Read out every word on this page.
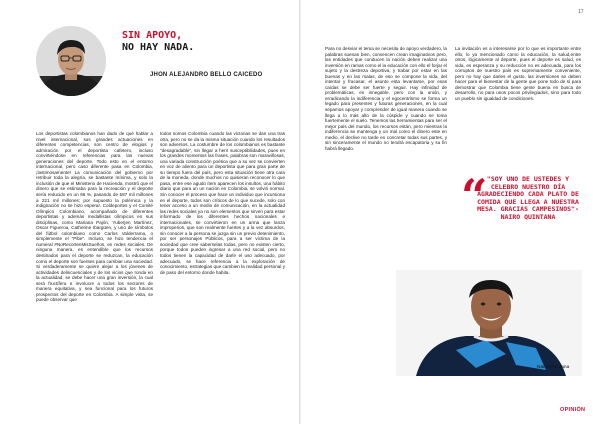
SIN APOYO,
NO HAY NADA.
JHON ALEJANDRO BELLO CAICEDO

Los deportistas colombianos han dado de qué hablar a nivel internacional, sus grandes actuaciones en diferentes competencias, son centro de elogios y admiración por el deportista cafetero, incluso convirtiéndose en referencias para las nuevas generaciones del deporte. Todo esto en el entorno internacional, pero caso diferente pasa en Colombia, ¡lastimosamente! La comunicación del gobierno por retribuir toda la alegría, se bastante mínima, y solo la inclusión de que el Ministerio de Hacienda, mostró que el dinero que se estimaba para la recreación y el deporte sería reducido en un 66 %, pasando de 587 mil millones a 221 mil millones; por supuesto la polémica y la indignación no se hizo esperar. Coldeportes y el Comité Olímpico Colombiano, acompañado de diferentes deportistas y además medallistas olímpicos en sus disciplinas, como Mariana Pajón, Yuberjen Martínez, Oscar Figueroa, Catherine Ibargüen, y uno de símbolos del fútbol colombiano como Carlos Valderrama, o simplemente el "Pibe". Incluso, se hizo tendencia el numeral #NoRecortenMisSueños, en redes sociales. De ninguna manera, es entendible que los recursos destinados para el deporte se reduzcan, la educación como el deporte son fuentes para cambiar una sociedad. Si verdaderamente se quiere alejar a los jóvenes de actividades delincuenciales y de los vicios que ronda en la actualidad, se debe hacer una gran inversión, la cual será fructífera e involucre a todos los sectores de manera equitativa, y sea funcional para los futuros prospectos del deporte en Colombia. A simple vista, se puede observar que

todos somos Colombia cuando las victorias se dan una tras otra, pero no se da la misma situación cuando los resultados son adversos. La costumbre de los colombianos es bastante "desagradable", sin llegar a herir susceptibilidades, pues en los grandes momentos las frases, palabras son maravillosas, una variada construcción poética que a su vez se convierten en voz de aliento para un deportista que para gran parte de su tiempo fuera del país, pero esta situación tiene otra cara de la moneda, donde muchos no quisieran reconocer lo que pasa, entre ese agudo ítem aparecen los insultos, una hábito diario que para un un nación en Colombia, se volvió normal. Sin conocer el proceso que hace un individuo que incursiona en el deporte, todos son críticos de lo que sucede, solo con tener acceso a un medio de comunicación, en la actualidad las redes sociales ya no son elementos que sirven para estar informado de los diferentes hechos nacionales e internacionales, se convirtieron en un arma que lanza improperios, que son realmente fuertes y a la vez absurdos, sin conocer a la persona se juzga sin un previo detenimiento, por ser personajes Públicos, para a ser víctima de la sociedad que cree saberselas todas, pero no existen cierto, porque todos pueden ingresar a una red social, pero no todos tienen la capacidad de darle el uso adecuado, por adecuado, se hace referencia a la exploración de conocimiento, estrategias que cambien la realidad personal y de paso del entorno donde habita.

Para no desviar el tema se necesita de apoyo verdadero, la palabras suenan bien, convencen crean imaginativos pero, las entidades que conducen la nación deben realizar una inversión en ramas como el la educación con ello el forjar el sujeto y la destreza deportiva, y trabar por estar en las buenas y en las malas, de eso se compone la vida, del intentar y fracasar, el asunto esta levantarse, por esas caídas se debe ser fuerte y seguir. Hay infinidad de problemáticas, es innegable, pero con la unión, y erradicando la indiferencia y el egocentrismo se forma un legado para presentes y futuras generaciones, en la cual sepamos apoyar y comprender de igual manera cuando se llega a lo más alto de la cúspide y cuando se toma fuertemente el suelo. Tenemos las herramientas para ser el mejor país del mundo, los recursos están, pero mientras la indiferencia se mantenga y un mal como el dinero este en medio, el declive no tarde en concretar todas sus partes, y sin sinceramente el mundo no tendrá escapatoria y su fin habrá llegado.

La invitación es a interesarse por lo que es importante entre ello, lo ya mencionado como la educación, la salud,entre otros, lógicamente al deporte, pues el deporte es salud, es vida, es esperanza y su reducción no es adecuada, para los corruptos de nuestro país es supremamente conveniente, pero no hay que darles el gusto, las inversiones se deben hacer para el bienestar de la gente que pone todo de sí para demostrar que Colombia tiene gente buena en busca de desarrollo, no para unos pocos privilegiados, sino para todo un pueblo sin igualdad de condiciones.

“ "SOY UNO DE USTEDES Y CELEBRO NUESTRO DÍA AGRADECIENDO CADA PLATO DE COMIDA QUE LLEGA A NUESTRA MESA. GRACIAS CAMPESINOS"- NAIRO QUINTANA
Nairo Quintana
17
OPINIÓN
